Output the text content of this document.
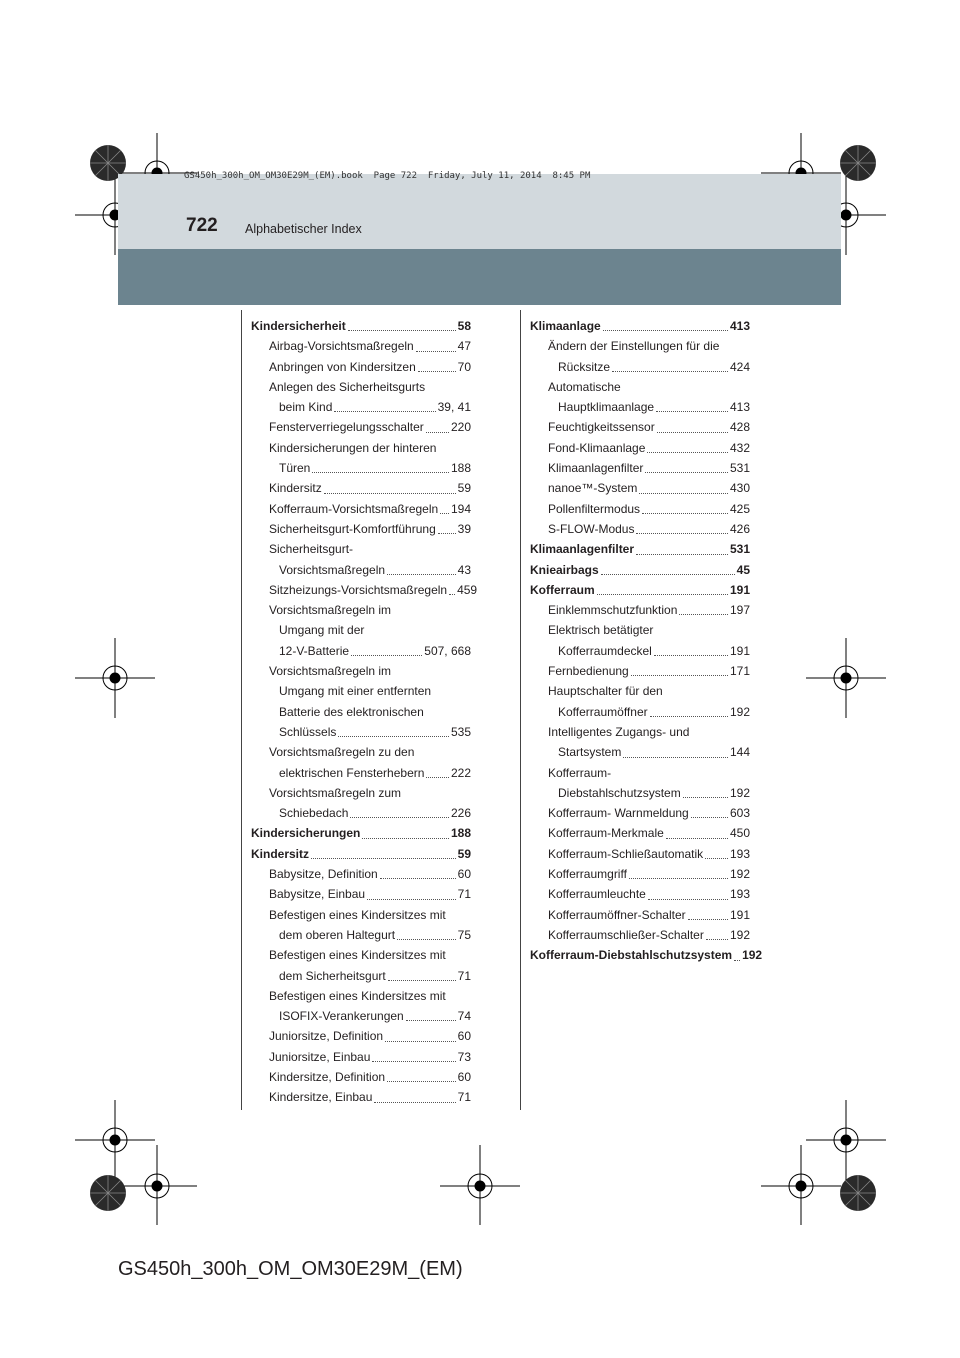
GS450h_300h_OM_OM30E29M_(EM).book  Page 722  Friday, July 11, 2014  8:45 PM
722 Alphabetischer Index
Kindersicherheit	58
Airbag-Vorsichtsmaßregeln	47
Anbringen von Kindersitzen	70
Anlegen des Sicherheitsgurts
beim Kind	39, 41
Fensterverriegelungsschalter 220
Kindersicherungen der hinteren
Türen	188
Kindersitz	59
Kofferraum-Vorsichtsmaßregeln 194
Sicherheitsgurt-Komfortführung 39
Sicherheitsgurt-
Vorsichtsmaßregeln	43
Sitzheizungs-Vorsichtsmaßregeln 459
Vorsichtsmaßregeln im
Umgang mit der
12-V-Batterie	507, 668
Vorsichtsmaßregeln im
Umgang mit einer entfernten
Batterie des elektronischen
Schlüssels	535
Vorsichtsmaßregeln zu den
elektrischen Fensterhebern 222
Vorsichtsmaßregeln zum
Schiebedach	226
Kindersicherungen	188
Kindersitz	59
Babysitze, Definition	60
Babysitze, Einbau	71
Befestigen eines Kindersitzes mit
dem oberen Haltegurt	75
Befestigen eines Kindersitzes mit
dem Sicherheitsgurt	71
Befestigen eines Kindersitzes mit
ISOFIX-Verankerungen	74
Juniorsitze, Definition	60
Juniorsitze, Einbau	73
Kindersitze, Definition	60
Kindersitze, Einbau	71
Klimaanlage	413
Ändern der Einstellungen für die
Rücksitze	424
Automatische
Hauptklimaanlage	413
Feuchtigkeitssensor	428
Fond-Klimaanlage	432
Klimaanlagenfilter	531
nanoe™-System	430
Pollenfiltermodus	425
S-FLOW-Modus	426
Klimaanlagenfilter	531
Knieairbags	45
Kofferraum	191
Einklemmschutzfunktion	197
Elektrisch betätigter
Kofferraumdeckel	191
Fernbedienung	171
Hauptschalter für den
Kofferraumöffner	192
Intelligentes Zugangs- und
Startsystem	144
Kofferraum-
Diebstahlschutzsystem	192
Kofferraum- Warnmeldung	603
Kofferraum-Merkmale	450
Kofferraum-Schließautomatik 193
Kofferraumgriff	192
Kofferraumleuchte	193
Kofferraumöffner-Schalter	191
Kofferraumschließer-Schalter 192
Kofferraum-Diebstahlschutzsystem 192
GS450h_300h_OM_OM30E29M_(EM)
